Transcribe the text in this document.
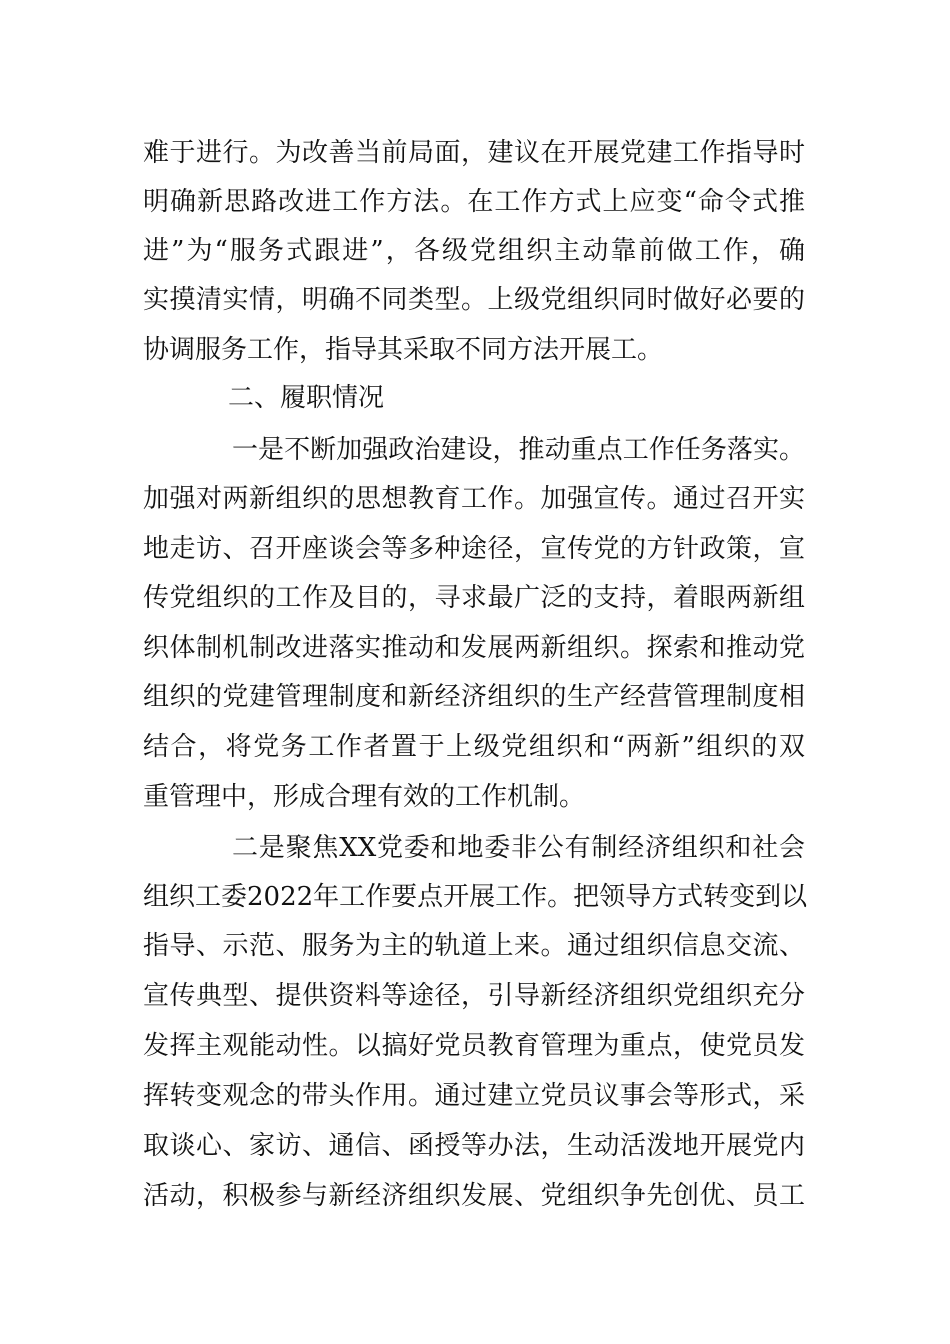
难于进行。为改善当前局面，建议在开展党建工作指导时
明确新思路改进工作方法。在工作方式上应变“命令式推
进”为“服务式跟进”，各级党组织主动靠前做工作，确
实摸清实情，明确不同类型。上级党组织同时做好必要的
协调服务工作，指导其采取不同方法开展工。
二、履职情况
一是不断加强政治建设，推动重点工作任务落实。
加强对两新组织的思想教育工作。加强宣传。通过召开实
地走访、召开座谈会等多种途径，宣传党的方针政策，宣
传党组织的工作及目的，寻求最广泛的支持，着眼两新组
织体制机制改进落实推动和发展两新组织。探索和推动党
组织的党建管理制度和新经济组织的生产经营管理制度相
结合，将党务工作者置于上级党组织和“两新”组织的双
重管理中，形成合理有效的工作机制。
二是聚焦XX党委和地委非公有制经济组织和社会
组织工委2022年工作要点开展工作。把领导方式转变到以
指导、示范、服务为主的轨道上来。通过组织信息交流、
宣传典型、提供资料等途径，引导新经济组织党组织充分
发挥主观能动性。以搞好党员教育管理为重点，使党员发
挥转变观念的带头作用。通过建立党员议事会等形式，采
取谈心、家访、通信、函授等办法，生动活泼地开展党内
活动，积极参与新经济组织发展、党组织争先创优、员工
